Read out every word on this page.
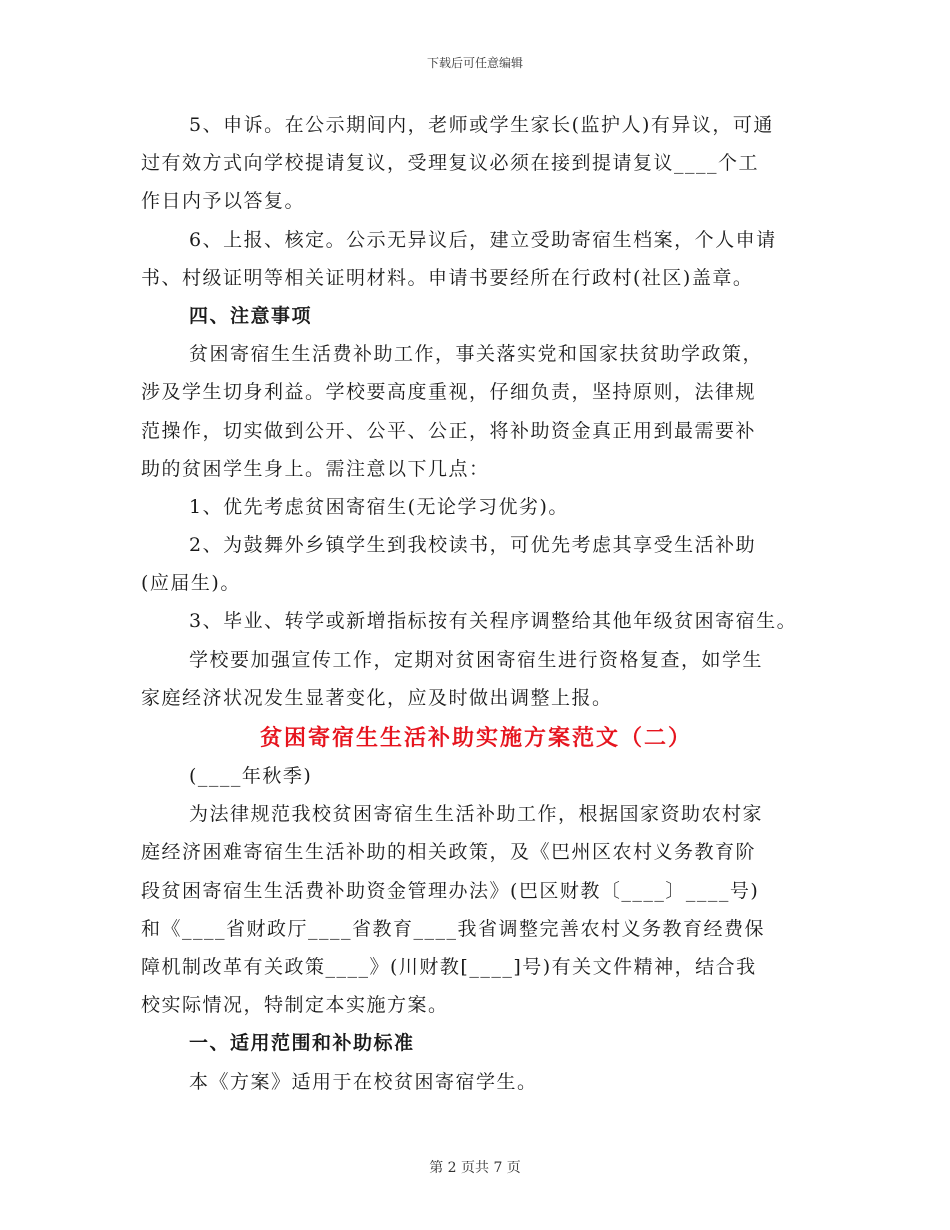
下载后可任意编辑
5、申诉。在公示期间内，老师或学生家长(监护人)有异议，可通
过有效方式向学校提请复议，受理复议必须在接到提请复议____个工
作日内予以答复。
6、上报、核定。公示无异议后，建立受助寄宿生档案，个人申请
书、村级证明等相关证明材料。申请书要经所在行政村(社区)盖章。
四、注意事项
贫困寄宿生生活费补助工作，事关落实党和国家扶贫助学政策，
涉及学生切身利益。学校要高度重视，仔细负责，坚持原则，法律规
范操作，切实做到公开、公平、公正，将补助资金真正用到最需要补
助的贫困学生身上。需注意以下几点：
1、优先考虑贫困寄宿生(无论学习优劣)。
2、为鼓舞外乡镇学生到我校读书，可优先考虑其享受生活补助
(应届生)。
3、毕业、转学或新增指标按有关程序调整给其他年级贫困寄宿生。
学校要加强宣传工作，定期对贫困寄宿生进行资格复查，如学生
家庭经济状况发生显著变化，应及时做出调整上报。
贫困寄宿生生活补助实施方案范文（二）
(____年秋季)
为法律规范我校贫困寄宿生生活补助工作，根据国家资助农村家
庭经济困难寄宿生生活补助的相关政策，及《巴州区农村义务教育阶
段贫困寄宿生生活费补助资金管理办法》(巴区财教〔____〕____号)
和《____省财政厅____省教育____我省调整完善农村义务教育经费保
障机制改革有关政策____》(川财教[____]号)有关文件精神，结合我
校实际情况，特制定本实施方案。
一、适用范围和补助标准
本《方案》适用于在校贫困寄宿学生。
第 2 页共 7 页
